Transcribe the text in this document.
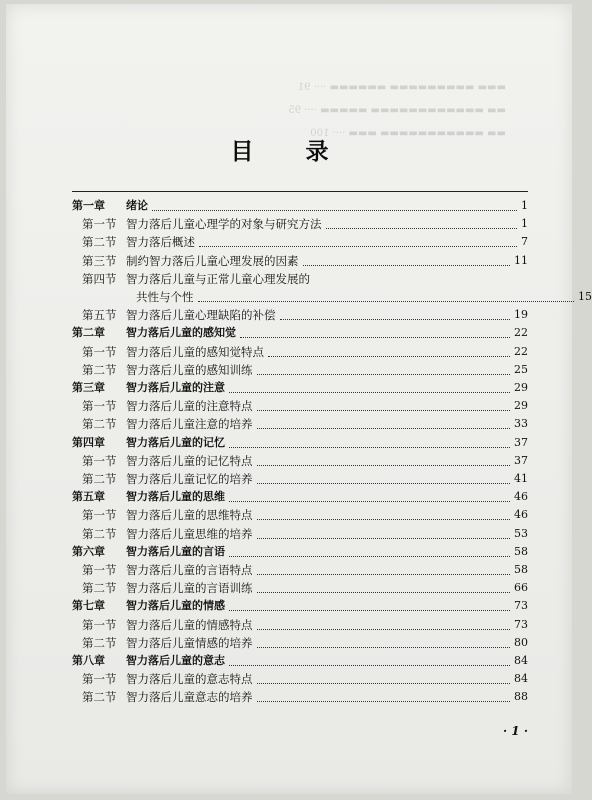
▬▬▬ ▬▬▬▬▬▬▬▬▬ ▬▬▬▬▬▬ ···· 91
▬▬ ▬▬▬▬▬▬▬▬▬▬▬▬ ▬▬▬▬▬ ···· 95
▬▬ ▬▬▬▬▬▬▬▬▬▬▬ ▬▬▬ ···· 100
目 录
第一章 绪论	1
第一节 智力落后儿童心理学的对象与研究方法	1
第二节 智力落后概述	7
第三节 制约智力落后儿童心理发展的因素	11
第四节 智力落后儿童与正常儿童心理发展的
共性与个性	15
第五节 智力落后儿童心理缺陷的补偿	19
第二章 智力落后儿童的感知觉	22
第一节 智力落后儿童的感知觉特点	22
第二节 智力落后儿童的感知训练	25
第三章 智力落后儿童的注意	29
第一节 智力落后儿童的注意特点	29
第二节 智力落后儿童注意的培养	33
第四章 智力落后儿童的记忆	37
第一节 智力落后儿童的记忆特点	37
第二节 智力落后儿童记忆的培养	41
第五章 智力落后儿童的思维	46
第一节 智力落后儿童的思维特点	46
第二节 智力落后儿童思维的培养	53
第六章 智力落后儿童的言语	58
第一节 智力落后儿童的言语特点	58
第二节 智力落后儿童的言语训练	66
第七章 智力落后儿童的情感	73
第一节 智力落后儿童的情感特点	73
第二节 智力落后儿童情感的培养	80
第八章 智力落后儿童的意志	84
第一节 智力落后儿童的意志特点	84
第二节 智力落后儿童意志的培养	88
· 1 ·
